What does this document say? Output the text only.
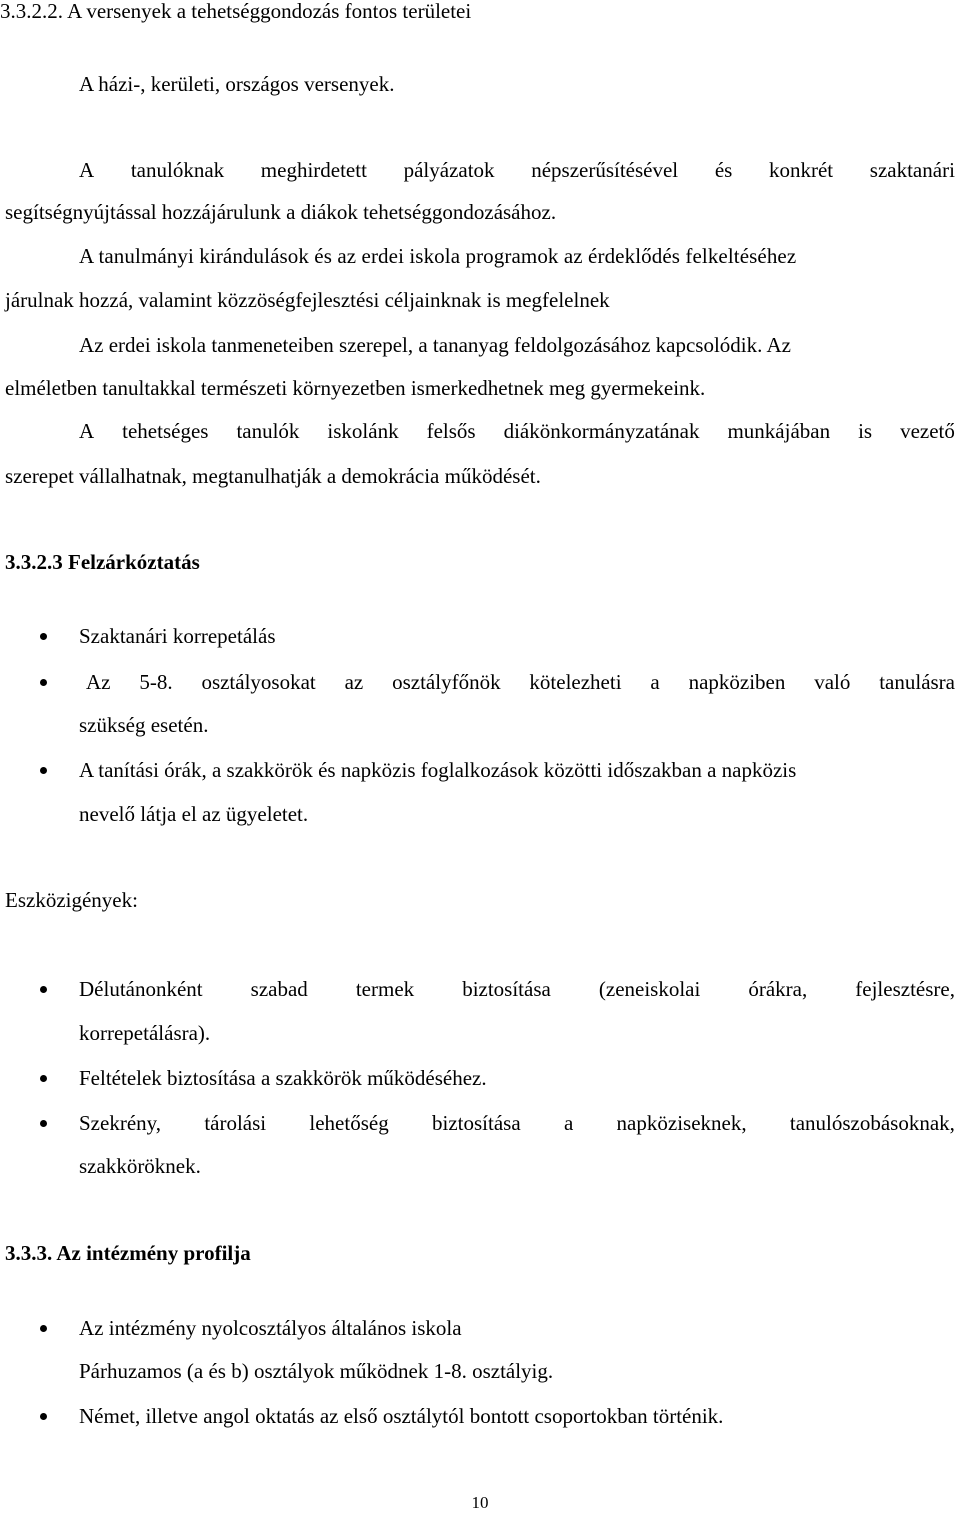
3.3.2.2. A versenyek a tehetséggondozás fontos területei
A házi-, kerületi, országos versenyek.
A tanulóknak meghirdetett pályázatok népszerűsítésével és konkrét szaktanári
segítségnyújtással hozzájárulunk a diákok tehetséggondozásához.
A tanulmányi kirándulások és az erdei iskola programok az érdeklődés felkeltéséhez
járulnak hozzá, valamint közzöségfejlesztési céljainknak is megfelelnek
Az erdei iskola tanmeneteiben szerepel, a tananyag feldolgozásához kapcsolódik. Az
elméletben tanultakkal természeti környezetben ismerkedhetnek meg gyermekeink.
A tehetséges tanulók iskolánk felsős diákönkormányzatának munkájában is vezető
szerepet vállalhatnak, megtanulhatják a demokrácia működését.
3.3.2.3 Felzárkóztatás
Szaktanári korrepetálás
Az 5-8. osztályosokat az osztályfőnök kötelezheti a napköziben való tanulásra
szükség esetén.
A tanítási órák, a szakkörök és napközis foglalkozások közötti időszakban a napközis
nevelő látja el az ügyeletet.
Eszközigények:
Délutánonként szabad termek biztosítása (zeneiskolai órákra, fejlesztésre,
korrepetálásra).
Feltételek biztosítása a szakkörök működéséhez.
Szekrény, tárolási lehetőség biztosítása a napköziseknek, tanulószobásoknak,
szakköröknek.
3.3.3. Az intézmény profilja
Az intézmény nyolcosztályos általános iskola
Párhuzamos (a és b) osztályok működnek 1-8. osztályig.
Német, illetve angol oktatás az első osztálytól bontott csoportokban történik.
10
